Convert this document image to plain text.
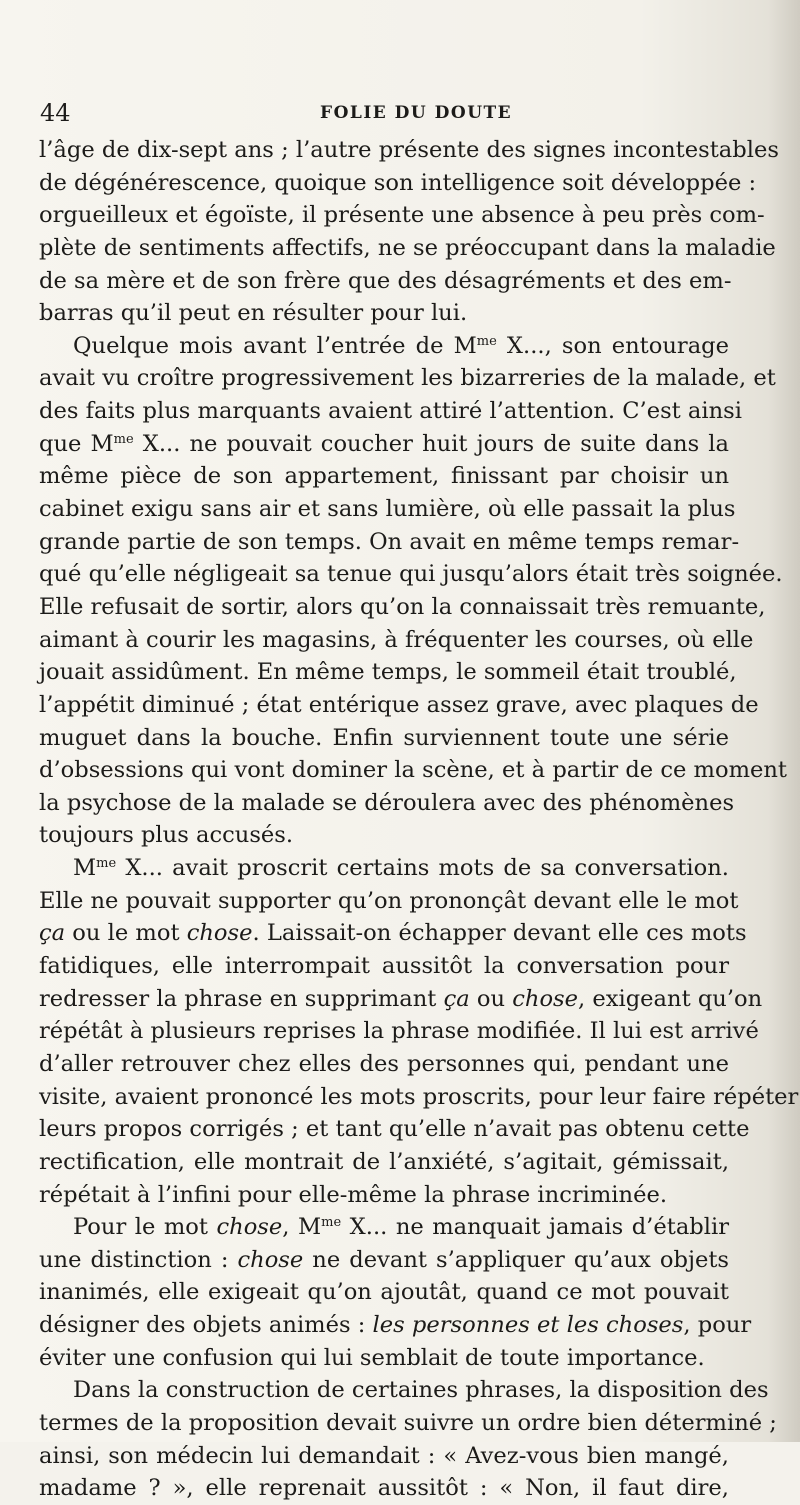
44	FOLIE DU DOUTE
l’âge de dix-sept ans ; l’autre présente des signes incontestables
de dégénérescence, quoique son intelligence soit développée :
orgueilleux et égoïste, il présente une absence à peu près com-
plète de sentiments affectifs, ne se préoccupant dans la maladie
de sa mère et de son frère que des désagréments et des em-
barras qu’il peut en résulter pour lui.
Quelque mois avant l’entrée de $M^{me}$ X..., son entourage
avait vu croître progressivement les bizarreries de la malade, et
des faits plus marquants avaient attiré l’attention. C’est ainsi
que $M^{me}$ X... ne pouvait coucher huit jours de suite dans la
même pièce de son appartement, finissant par choisir un
cabinet exigu sans air et sans lumière, où elle passait la plus
grande partie de son temps. On avait en même temps remar-
qué qu’elle négligeait sa tenue qui jusqu’alors était très soignée.
Elle refusait de sortir, alors qu’on la connaissait très remuante,
aimant à courir les magasins, à fréquenter les courses, où elle
jouait assidûment. En même temps, le sommeil était troublé,
l’appétit diminué ; état entérique assez grave, avec plaques de
muguet dans la bouche. Enfin surviennent toute une série
d’obsessions qui vont dominer la scène, et à partir de ce moment
la psychose de la malade se déroulera avec des phénomènes
toujours plus accusés.
$M^{me}$ X... avait proscrit certains mots de sa conversation.
Elle ne pouvait supporter qu’on prononçât devant elle le mot
ça ou le mot chose. Laissait-on échapper devant elle ces mots
fatidiques, elle interrompait aussitôt la conversation pour
redresser la phrase en supprimant ça ou chose, exigeant qu’on
répétât à plusieurs reprises la phrase modifiée. Il lui est arrivé
d’aller retrouver chez elles des personnes qui, pendant une
visite, avaient prononcé les mots proscrits, pour leur faire répéter
leurs propos corrigés ; et tant qu’elle n’avait pas obtenu cette
rectification, elle montrait de l’anxiété, s’agitait, gémissait,
répétait à l’infini pour elle-même la phrase incriminée.
Pour le mot chose, $M^{me}$ X... ne manquait jamais d’établir
une distinction : chose ne devant s’appliquer qu’aux objets
inanimés, elle exigeait qu’on ajoutât, quand ce mot pouvait
désigner des objets animés : les personnes et les choses, pour
éviter une confusion qui lui semblait de toute importance.
Dans la construction de certaines phrases, la disposition des
termes de la proposition devait suivre un ordre bien déterminé ;
ainsi, son médecin lui demandait : « Avez-vous bien mangé,
madame ? », elle reprenait aussitôt : « Non, il faut dire,
